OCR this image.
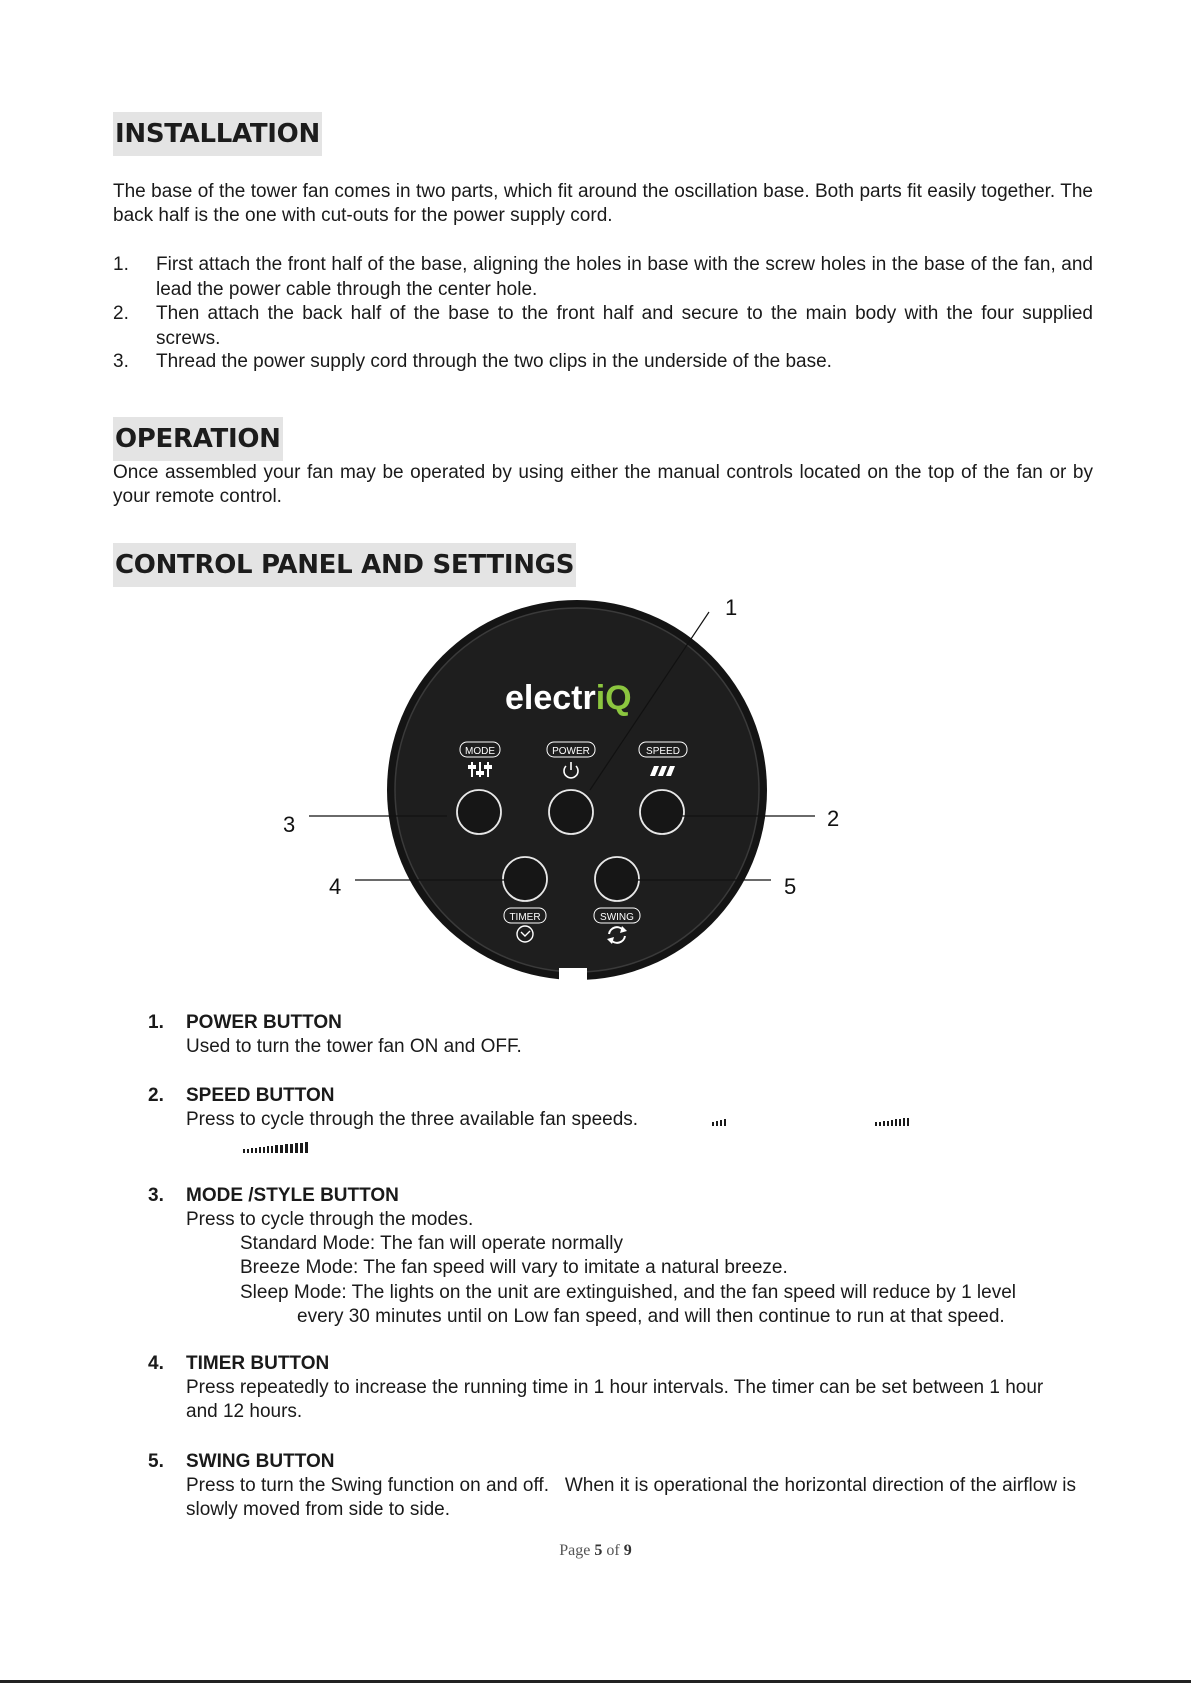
INSTALLATION

The base of the tower fan comes in two parts, which fit around the oscillation base. Both parts fit easily together. The back half is the one with cut-outs for the power supply cord.

1. First attach the front half of the base, aligning the holes in base with the screw holes in the base of the fan, and lead the power cable through the center hole.
2. Then attach the back half of the base to the front half and secure to the main body with the four supplied screws.
3. Thread the power supply cord through the two clips in the underside of the base.
OPERATION

Once assembled your fan may be operated by using either the manual controls located on the top of the fan or by your remote control.

CONTROL PANEL AND SETTINGS
electriQ
MODE	POWER	SPEED
TIMER	SWING
1
2
3
4	5
1. POWER BUTTON
Used to turn the tower fan ON and OFF.
2. SPEED BUTTON
Press to cycle through the three available fan speeds.
3. MODE /STYLE BUTTON
Press to cycle through the modes.
Standard Mode: The fan will operate normally
Breeze Mode: The fan speed will vary to imitate a natural breeze.
Sleep Mode: The lights on the unit are extinguished, and the fan speed will reduce by 1 level
every 30 minutes until on Low fan speed, and will then continue to run at that speed.
4. TIMER BUTTON
Press repeatedly to increase the running time in 1 hour intervals. The timer can be set between 1 hour and 12 hours.
5. SWING BUTTON
Press to turn the Swing function on and off.   When it is operational the horizontal direction of the airflow is slowly moved from side to side.
Page 5 of 9
